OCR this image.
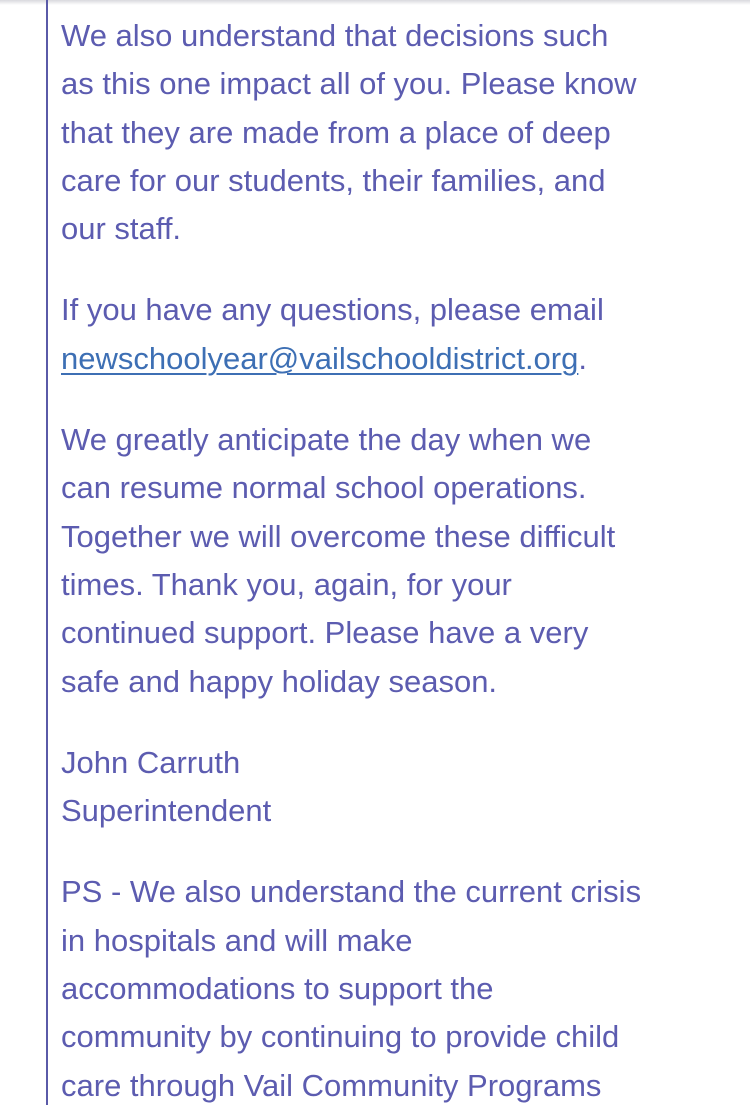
We also understand that decisions such
as this one impact all of you. Please know
that they are made from a place of deep
care for our students, their families, and
our staff.

If you have any questions, please email
newschoolyear@vailschooldistrict.org.

We greatly anticipate the day when we
can resume normal school operations.
Together we will overcome these difficult
times. Thank you, again, for your
continued support. Please have a very
safe and happy holiday season.

John Carruth
Superintendent

PS - We also understand the current crisis
in hospitals and will make
accommodations to support the
community by continuing to provide child
care through Vail Community Programs
